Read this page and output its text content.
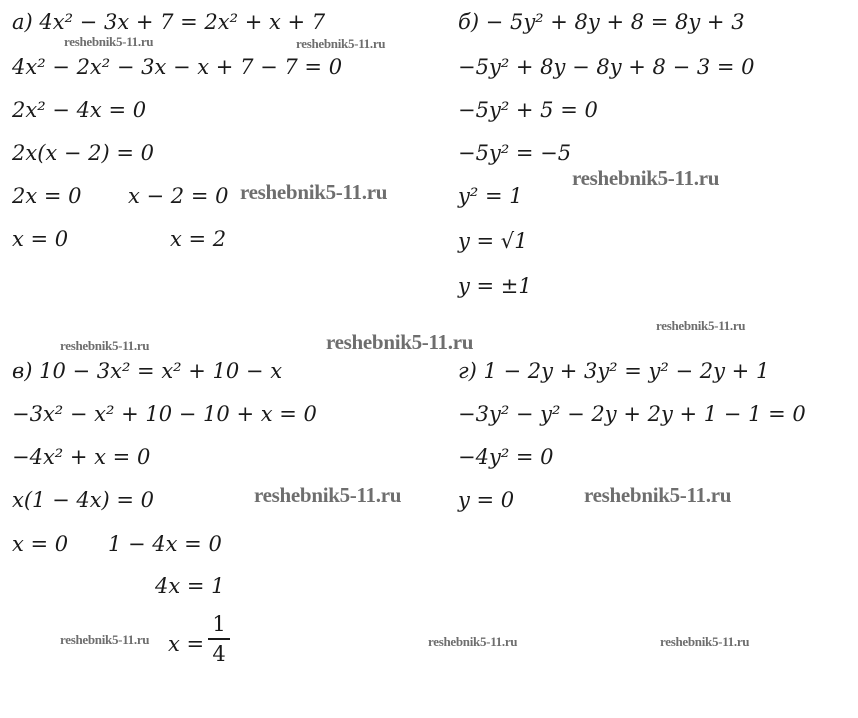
а) 4x² − 3x + 7 = 2x² + x + 7
4x² − 2x² − 3x − x + 7 − 7 = 0
2x² − 4x = 0
2x(x − 2) = 0
2x = 0 x − 2 = 0
x = 0	x = 2
б) − 5y² + 8y + 8 = 8y + 3
−5y² + 8y − 8y + 8 − 3 = 0
−5y² + 5 = 0
−5y² = −5
y² = 1
y = √1
y = ±1
в) 10 − 3x² = x² + 10 − x
−3x² − x² + 10 − 10 + x = 0
−4x² + x = 0
x(1 − 4x) = 0
x = 0 1 − 4x = 0
4x = 1
x =
1
4
г) 1 − 2y + 3y² = y² − 2y + 1
−3y² − y² − 2y + 2y + 1 − 1 = 0
−4y² = 0
y = 0
reshebnik5-11.ru	reshebnik5-11.ru
reshebnik5-11.ru
reshebnik5-11.ru
reshebnik5-11.ru	reshebnik5-11.ru
reshebnik5-11.ru
reshebnik5-11.ru	reshebnik5-11.ru
reshebnik5-11.ru	reshebnik5-11.ru	reshebnik5-11.ru
